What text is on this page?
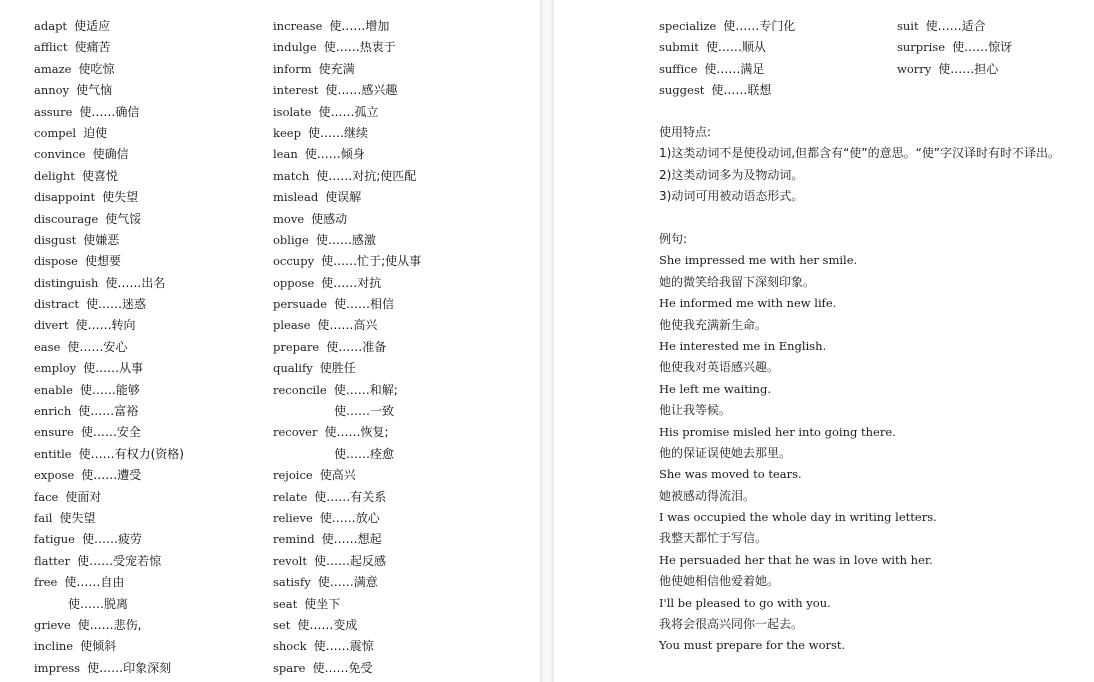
adapt 使适应
afflict 使痛苦
amaze 使吃惊
annoy 使气恼
assure 使……确信
compel 迫使
convince 使确信
delight 使喜悦
disappoint 使失望
discourage 使气馁
disgust 使嫌恶
dispose 使想要
distinguish 使……出名
distract 使……迷惑
divert 使……转向
ease 使……安心
employ 使……从事
enable 使……能够
enrich 使……富裕
ensure 使……安全
entitle 使……有权力(资格)
expose 使……遭受
face 使面对
fail 使失望
fatigue 使……疲劳
flatter 使……受宠若惊
free 使……自由
使……脱离
grieve 使……悲伤,
incline 使倾斜
impress 使……印象深刻
increase 使……增加
indulge 使……热衷于
inform 使充满
interest 使……感兴趣
isolate 使……孤立
keep 使……继续
lean 使……倾身
match 使……对抗;使匹配
mislead 使误解
move 使感动
oblige 使……感激
occupy 使……忙于;使从事
oppose 使……对抗
persuade 使……相信
please 使……高兴
prepare 使……准备
qualify 使胜任
reconcile 使……和解;
使……一致
recover 使……恢复;
使……痊愈
rejoice 使高兴
relate 使……有关系
relieve 使……放心
remind 使……想起
revolt 使……起反感
satisfy 使……满意
seat 使坐下
set 使……变成
shock 使……震惊
spare 使……免受
specialize 使……专门化
submit 使……顺从
suffice 使……满足
suggest 使……联想
suit 使……适合
surprise 使……惊讶
worry 使……担心
使用特点:
1)这类动词不是使役动词,但都含有“使”的意思。“使”字汉译时有时不译出。
2)这类动词多为及物动词。
3)动词可用被动语态形式。
例句:
She impressed me with her smile.
她的微笑给我留下深刻印象。
He informed me with new life.
他使我充满新生命。
He interested me in English.
他使我对英语感兴趣。
He left me waiting.
他让我等候。
His promise misled her into going there.
他的保证误使她去那里。
She was moved to tears.
她被感动得流泪。
I was occupied the whole day in writing letters.
我整天都忙于写信。
He persuaded her that he was in love with her.
他使她相信他爱着她。
I'll be pleased to go with you.
我将会很高兴同你一起去。
You must prepare for the worst.
